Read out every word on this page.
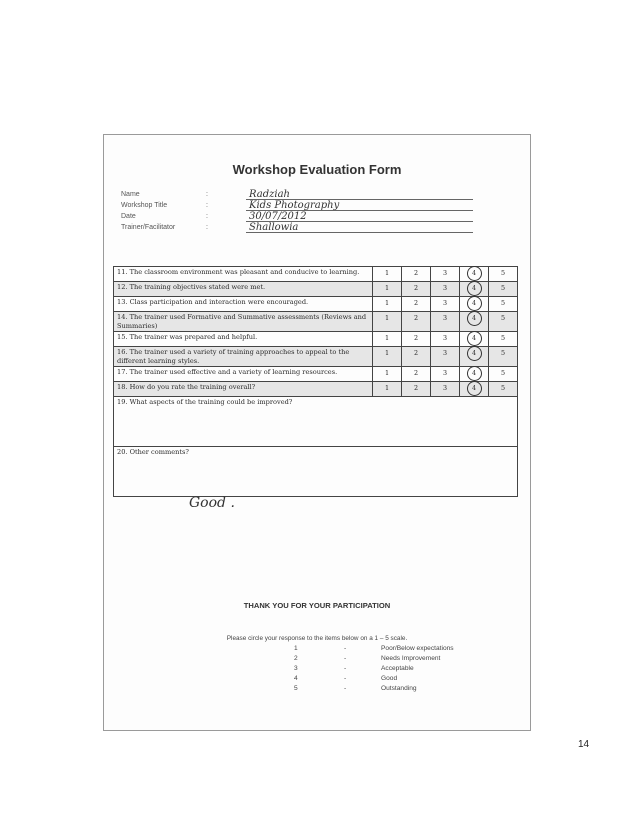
Workshop Evaluation Form
Name	:	Radziah
Workshop Title	:	Kids Photography
Date	:	30/07/2012
Trainer/Facilitator	:	Shallowia
11. The classroom environment was pleasant and conducive to learning.	1	2	3	4	5
12. The training objectives stated were met.	1	2	3	4	5
13. Class participation and interaction were encouraged.	1	2	3	4	5
14. The trainer used Formative and Summative assessments (Reviews and Summaries)	1	2	3	4	5
15. The trainer was prepared and helpful.	1	2	3	4	5
16. The trainer used a variety of training approaches to appeal to the different learning styles.	1	2	3	4	5
17. The trainer used effective and a variety of learning resources.	1	2	3	4	5
18. How do you rate the training overall?	1	2	3	4	5
19. What aspects of the training could be improved?					
20. Other comments?					
Good .
THANK YOU FOR YOUR PARTICIPATION
Please circle your response to the items below on a 1 – 5 scale.
1	-	Poor/Below expectations
2	-	Needs Improvement
3	-	Acceptable
4	-	Good
5	-	Outstanding
14
